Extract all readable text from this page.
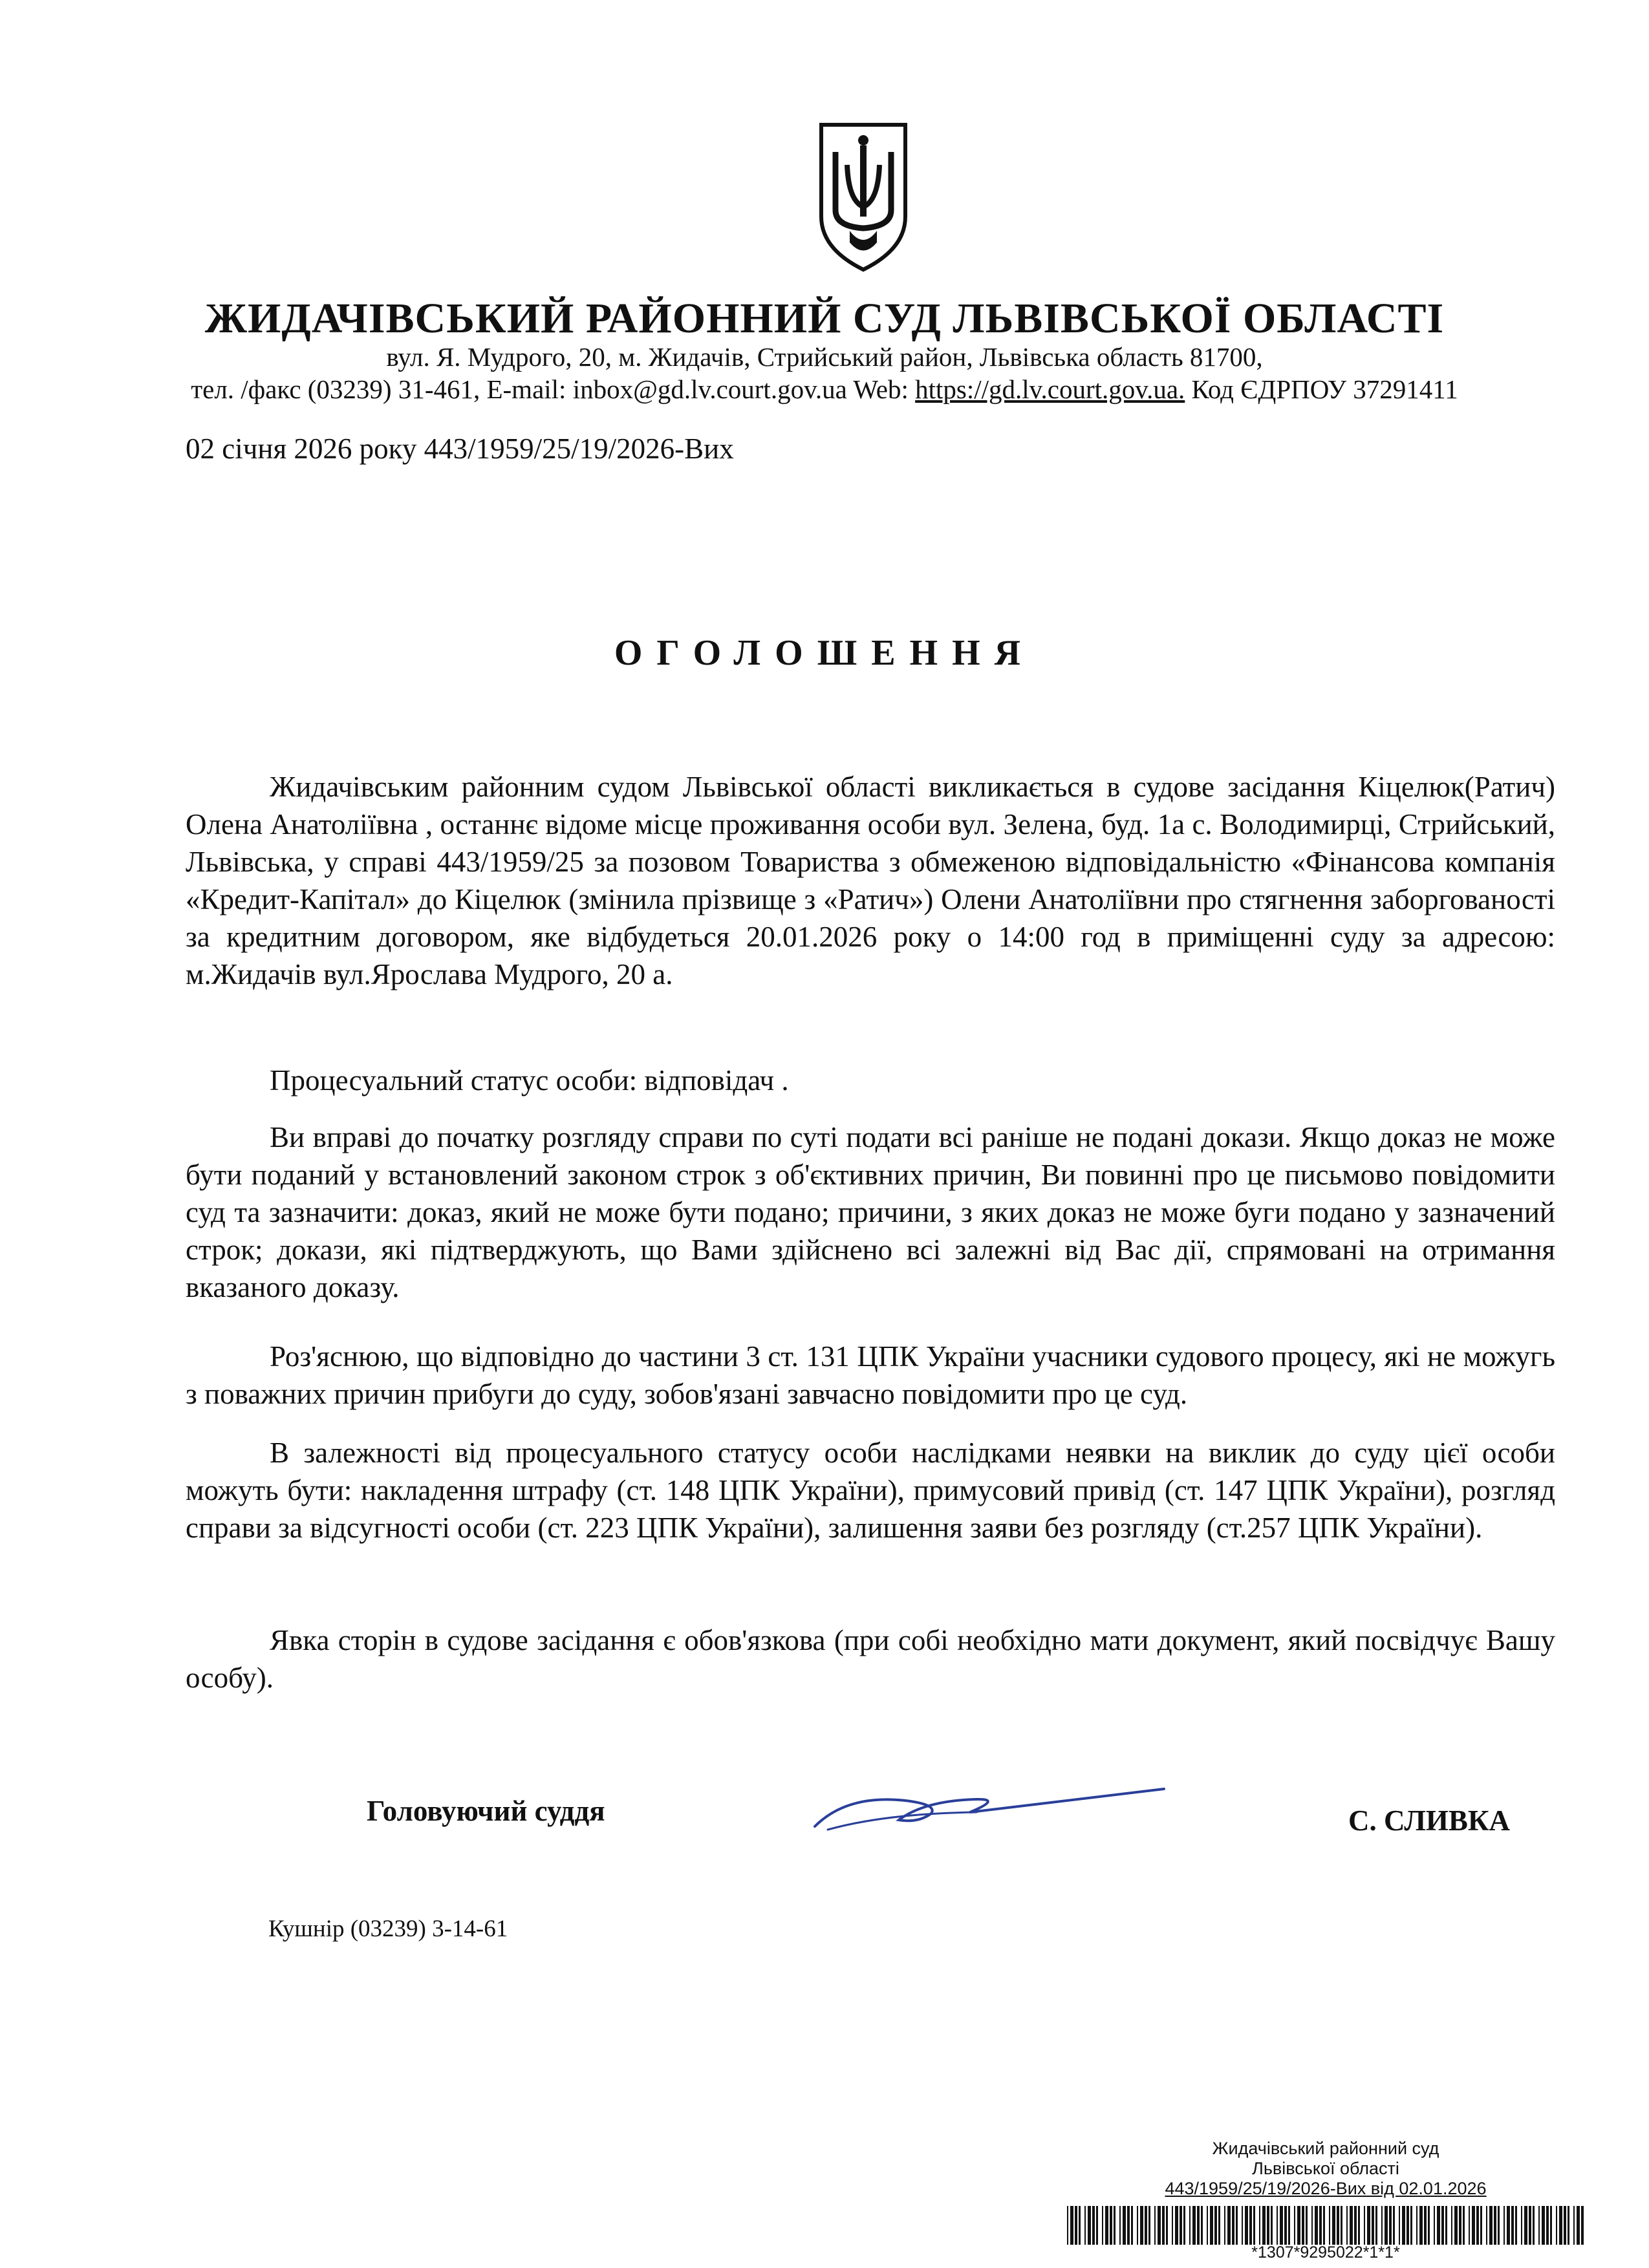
ЖИДАЧІВСЬКИЙ РАЙОННИЙ СУД ЛЬВІВСЬКОЇ ОБЛАСТІ
вул. Я. Мудрого, 20, м. Жидачів, Стрийський район, Львівська область 81700,
тел. /факс (03239) 31-461, E-mail: inbox@gd.lv.court.gov.ua Web: https://gd.lv.court.gov.ua. Код ЄДРПОУ 37291411
02 січня 2026 року 443/1959/25/19/2026-Вих
ОГОЛОШЕННЯ

Жидачівським районним судом Львівської області викликається в судове засідання Кіцелюк(Ратич) Олена Анатоліївна , останнє відоме місце проживання особи вул. Зелена, буд. 1а с. Володимирці, Стрийський, Львівська, у справі 443/1959/25 за позовом Товариства з обмеженою відповідальністю «Фінансова компанія «Кредит-Капітал» до Кіцелюк (змінила прізвище з «Ратич») Олени Анатоліївни про стягнення заборгованості за кредитним договором, яке відбудеться 20.01.2026 року о 14:00 год в приміщенні суду за адресою: м.Жидачів вул.Ярослава Мудрого, 20 а.

Процесуальний статус особи: відповідач .

Ви вправі до початку розгляду справи по суті подати всі раніше не подані докази. Якщо доказ не може бути поданий у встановлений законом строк з об'єктивних причин, Ви повинні про це письмово повідомити суд та зазначити: доказ, який не може бути подано; причини, з яких доказ не може буги подано у зазначений строк; докази, які підтверджують, що Вами здійснено всі залежні від Вас дії, спрямовані на отримання вказаного доказу.

Роз'яснюю, що відповідно до частини 3 ст. 131 ЦПК України учасники судового процесу, які не можугь з поважних причин прибуги до суду, зобов'язані завчасно повідомити про це суд.

В залежності від процесуального статусу особи наслідками неявки на виклик до суду цієї особи можуть бути: накладення штрафу (ст. 148 ЦПК України), примусовий привід (ст. 147 ЦПК України), розгляд справи за відсугності особи (ст. 223 ЦПК України), залишення заяви без розгляду (ст.257 ЦПК України).

Явка сторін в судове засідання є обов'язкова (при собі необхідно мати документ, який посвідчує Вашу особу).

Головуючий суддя	С. СЛИВКА
Кушнір (03239) 3-14-61
Жидачівський районний суд
Львівської області
443/1959/25/19/2026-Вих від 02.01.2026
*1307*9295022*1*1*
